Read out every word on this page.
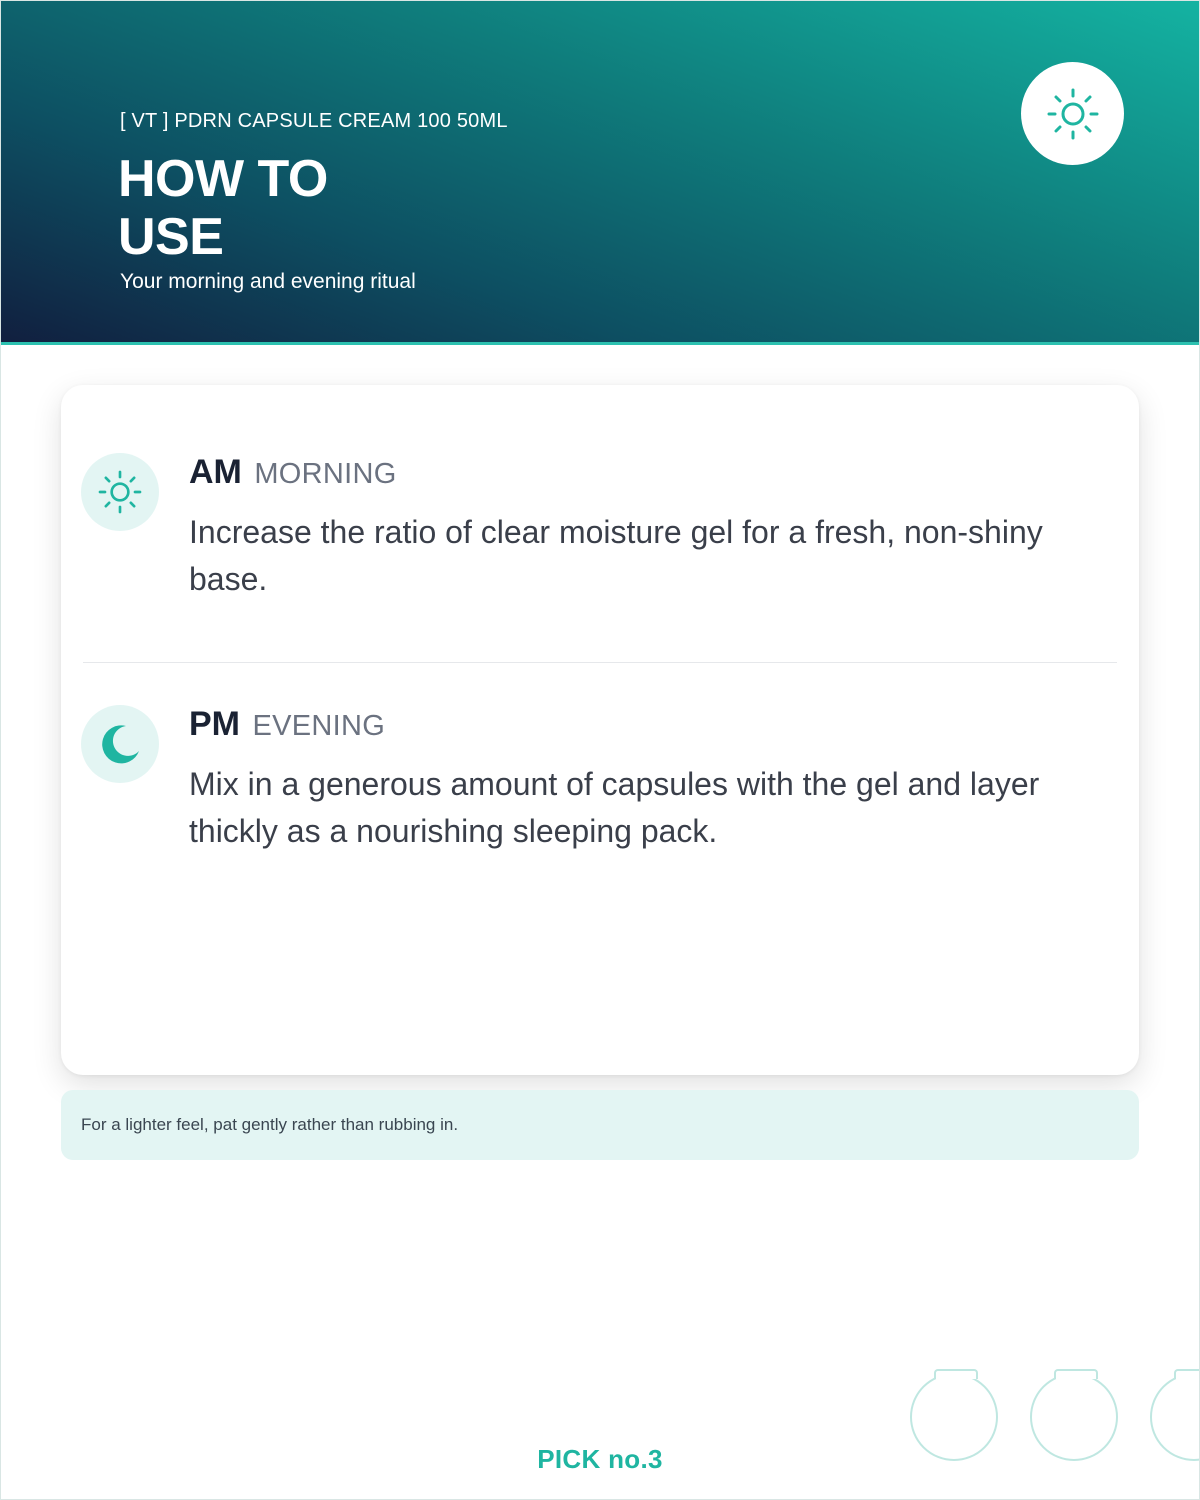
[ VT ] PDRN CAPSULE CREAM 100 50ML
HOW TO
USE
Your morning and evening ritual
AM MORNING

Increase the ratio of clear moisture gel for a fresh, non-shiny base.

PM EVENING

Mix in a generous amount of capsules with the gel and layer thickly as a nourishing sleeping pack.

For a lighter feel, pat gently rather than rubbing in.

PICK no.3
